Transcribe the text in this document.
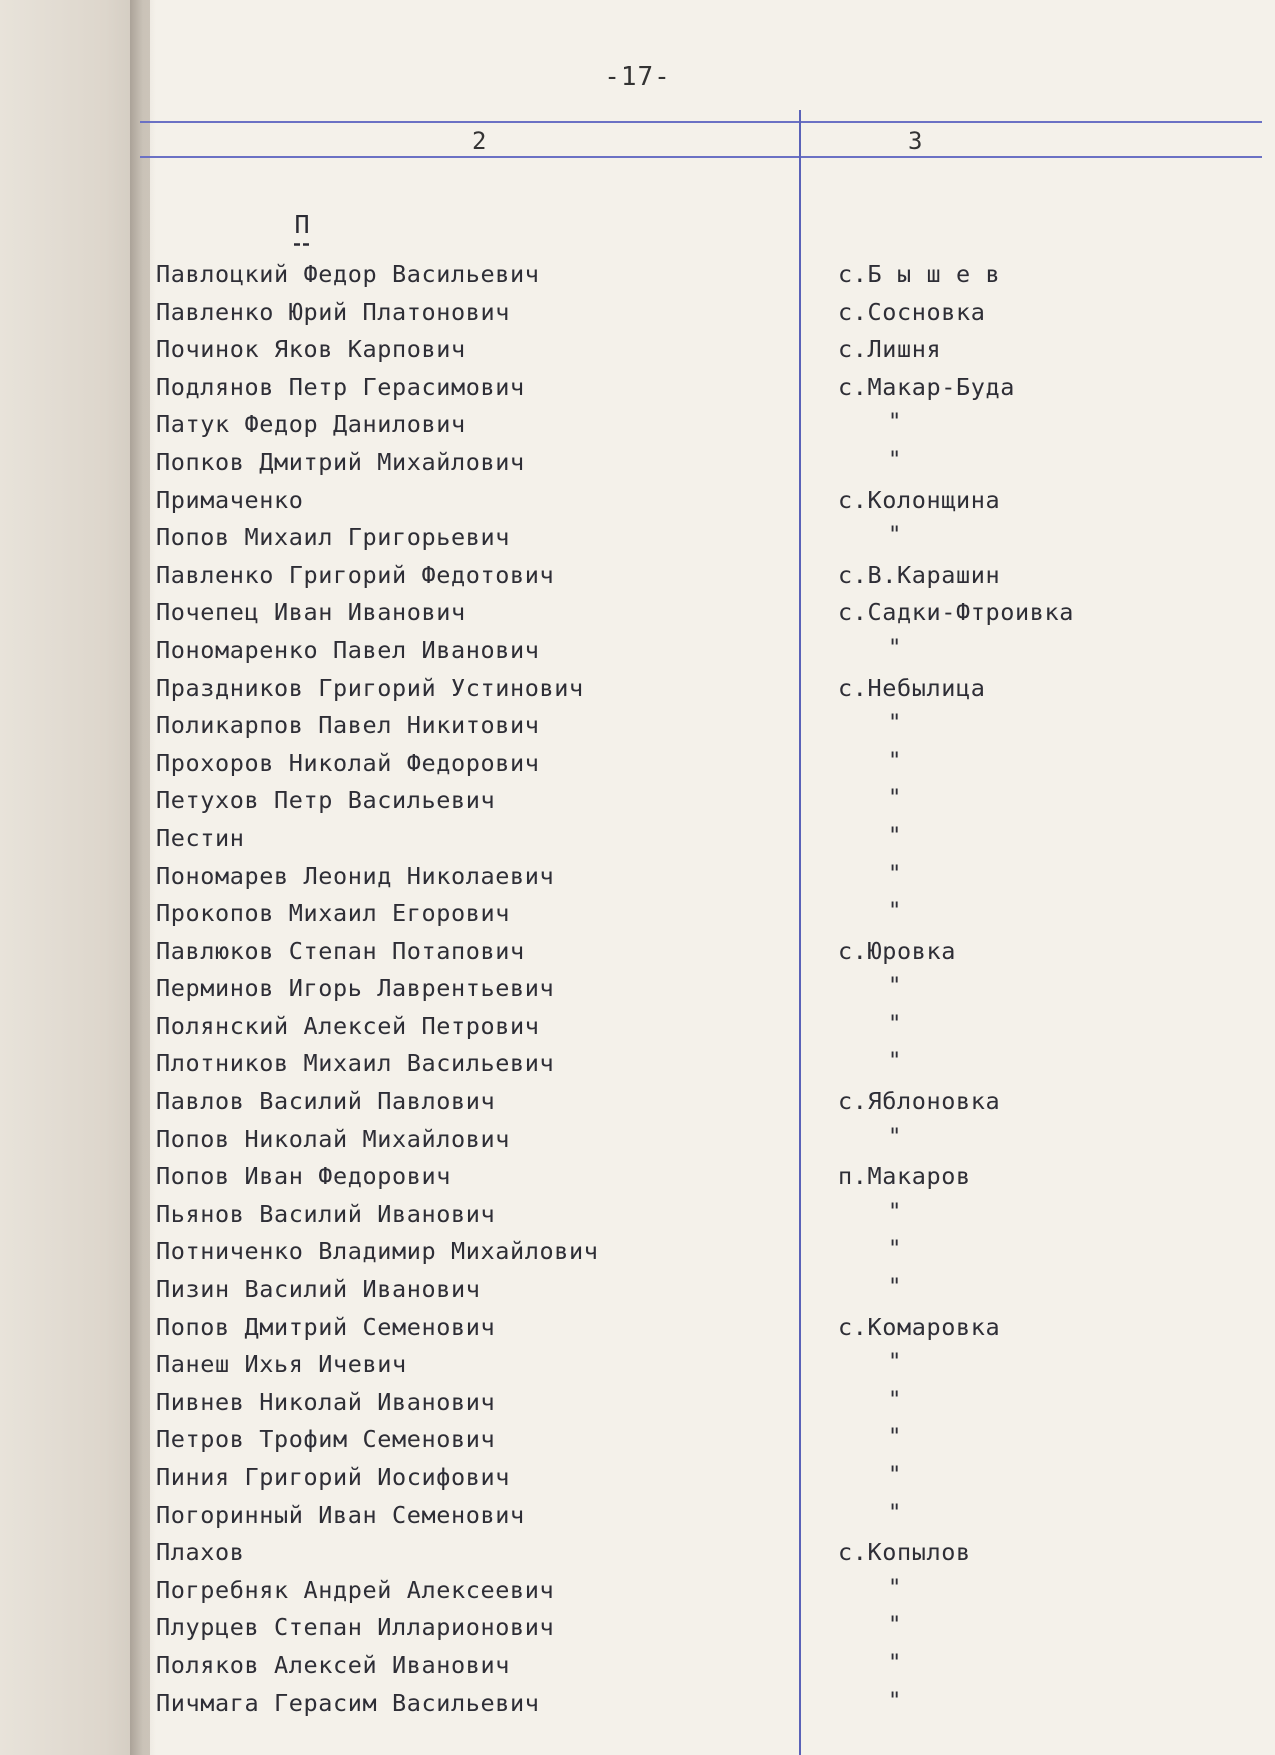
-17-
2	3
П
Павлоцкий Федор Васильевич	с.Б ы ш е в
Павленко Юрий Платонович	с.Сосновка
Починок Яков Карпович	с.Лишня
Подлянов Петр Герасимович	с.Макар-Буда
Патук Федор Данилович	"
Попков Дмитрий Михайлович	"
Примаченко	с.Колонщина
Попов Михаил Григорьевич	"
Павленко Григорий Федотович	с.В.Карашин
Почепец Иван Иванович	с.Садки-Фтроивка
Пономаренко Павел Иванович	"
Праздников Григорий Устинович	с.Небылица
Поликарпов Павел Никитович	"
Прохоров Николай Федорович	"
Петухов Петр Васильевич	"
Пестин	"
Пономарев Леонид Николаевич	"
Прокопов Михаил Егорович	"
Павлюков Степан Потапович	с.Юровка
Перминов Игорь Лаврентьевич	"
Полянский Алексей Петрович	"
Плотников Михаил Васильевич	"
Павлов Василий Павлович	с.Яблоновка
Попов Николай Михайлович	"
Попов Иван Федорович	п.Макаров
Пьянов Василий Иванович	"
Потниченко Владимир Михайлович	"
Пизин Василий Иванович	"
Попов Дмитрий Семенович	с.Комаровка
Панеш Ихья Ичевич	"
Пивнев Николай Иванович	"
Петров Трофим Семенович	"
Пиния Григорий Иосифович	"
Погоринный Иван Семенович	"
Плахов	с.Копылов
Погребняк Андрей Алексеевич	"
Плурцев Степан Илларионович	"
Поляков Алексей Иванович	"
Пичмага Герасим Васильевич	"
